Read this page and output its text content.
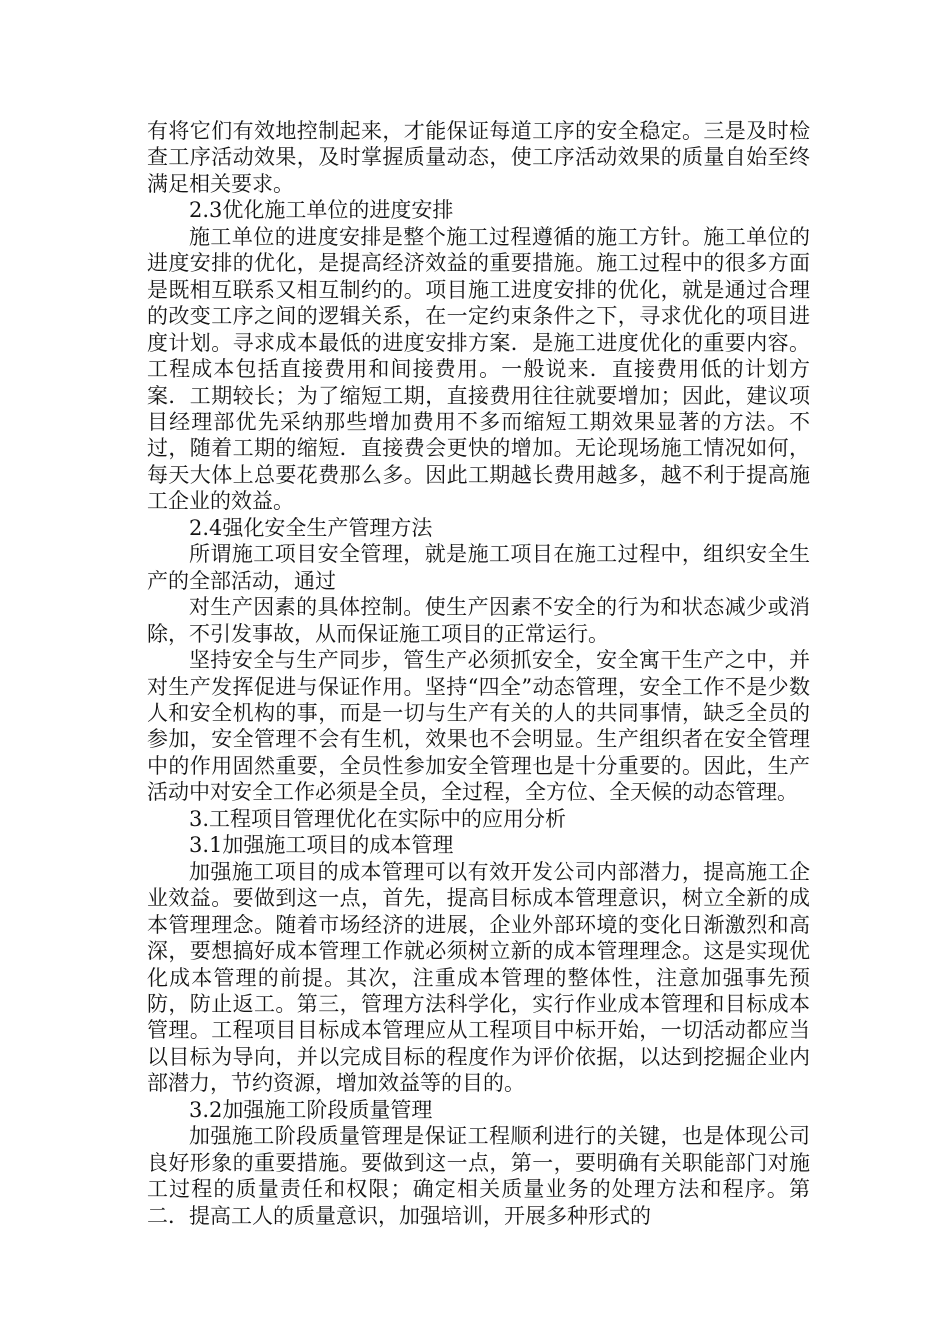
有将它们有效地控制起来，才能保证每道工序的安全稳定。三是及时检查工序活动效果，及时掌握质量动态，使工序活动效果的质量自始至终满足相关要求。

2.3优化施工单位的进度安排

施工单位的进度安排是整个施工过程遵循的施工方针。施工单位的进度安排的优化，是提高经济效益的重要措施。施工过程中的很多方面是既相互联系又相互制约的。项目施工进度安排的优化，就是通过合理的改变工序之间的逻辑关系，在一定约束条件之下，寻求优化的项目进度计划。寻求成本最低的进度安排方案．是施工进度优化的重要内容。工程成本包括直接费用和间接费用。一般说来．直接费用低的计划方案．工期较长；为了缩短工期，直接费用往往就要增加；因此，建议项目经理部优先采纳那些增加费用不多而缩短工期效果显著的方法。不过，随着工期的缩短．直接费会更快的增加。无论现场施工情况如何，每天大体上总要花费那么多。因此工期越长费用越多，越不利于提高施工企业的效益。

2.4强化安全生产管理方法

所谓施工项目安全管理，就是施工项目在施工过程中，组织安全生产的全部活动，通过

对生产因素的具体控制。使生产因素不安全的行为和状态减少或消除，不引发事故，从而保证施工项目的正常运行。

坚持安全与生产同步，管生产必须抓安全，安全寓干生产之中，并对生产发挥促进与保证作用。坚持“四全”动态管理，安全工作不是少数人和安全机构的事，而是一切与生产有关的人的共同事情，缺乏全员的参加，安全管理不会有生机，效果也不会明显。生产组织者在安全管理中的作用固然重要，全员性参加安全管理也是十分重要的。因此，生产活动中对安全工作必须是全员，全过程，全方位、全天候的动态管理。

3.工程项目管理优化在实际中的应用分析

3.1加强施工项目的成本管理

加强施工项目的成本管理可以有效开发公司内部潜力，提高施工企业效益。要做到这一点，首先，提高目标成本管理意识，树立全新的成本管理理念。随着市场经济的进展，企业外部环境的变化日渐激烈和高深，要想搞好成本管理工作就必须树立新的成本管理理念。这是实现优化成本管理的前提。其次，注重成本管理的整体性，注意加强事先预防，防止返工。第三，管理方法科学化，实行作业成本管理和目标成本管理。工程项目目标成本管理应从工程项目中标开始，一切活动都应当以目标为导向，并以完成目标的程度作为评价依据，以达到挖掘企业内部潜力，节约资源，增加效益等的目的。

3.2加强施工阶段质量管理

加强施工阶段质量管理是保证工程顺利进行的关键，也是体现公司良好形象的重要措施。要做到这一点，第一，要明确有关职能部门对施工过程的质量责任和权限；确定相关质量业务的处理方法和程序。第二．提高工人的质量意识，加强培训，开展多种形式的
